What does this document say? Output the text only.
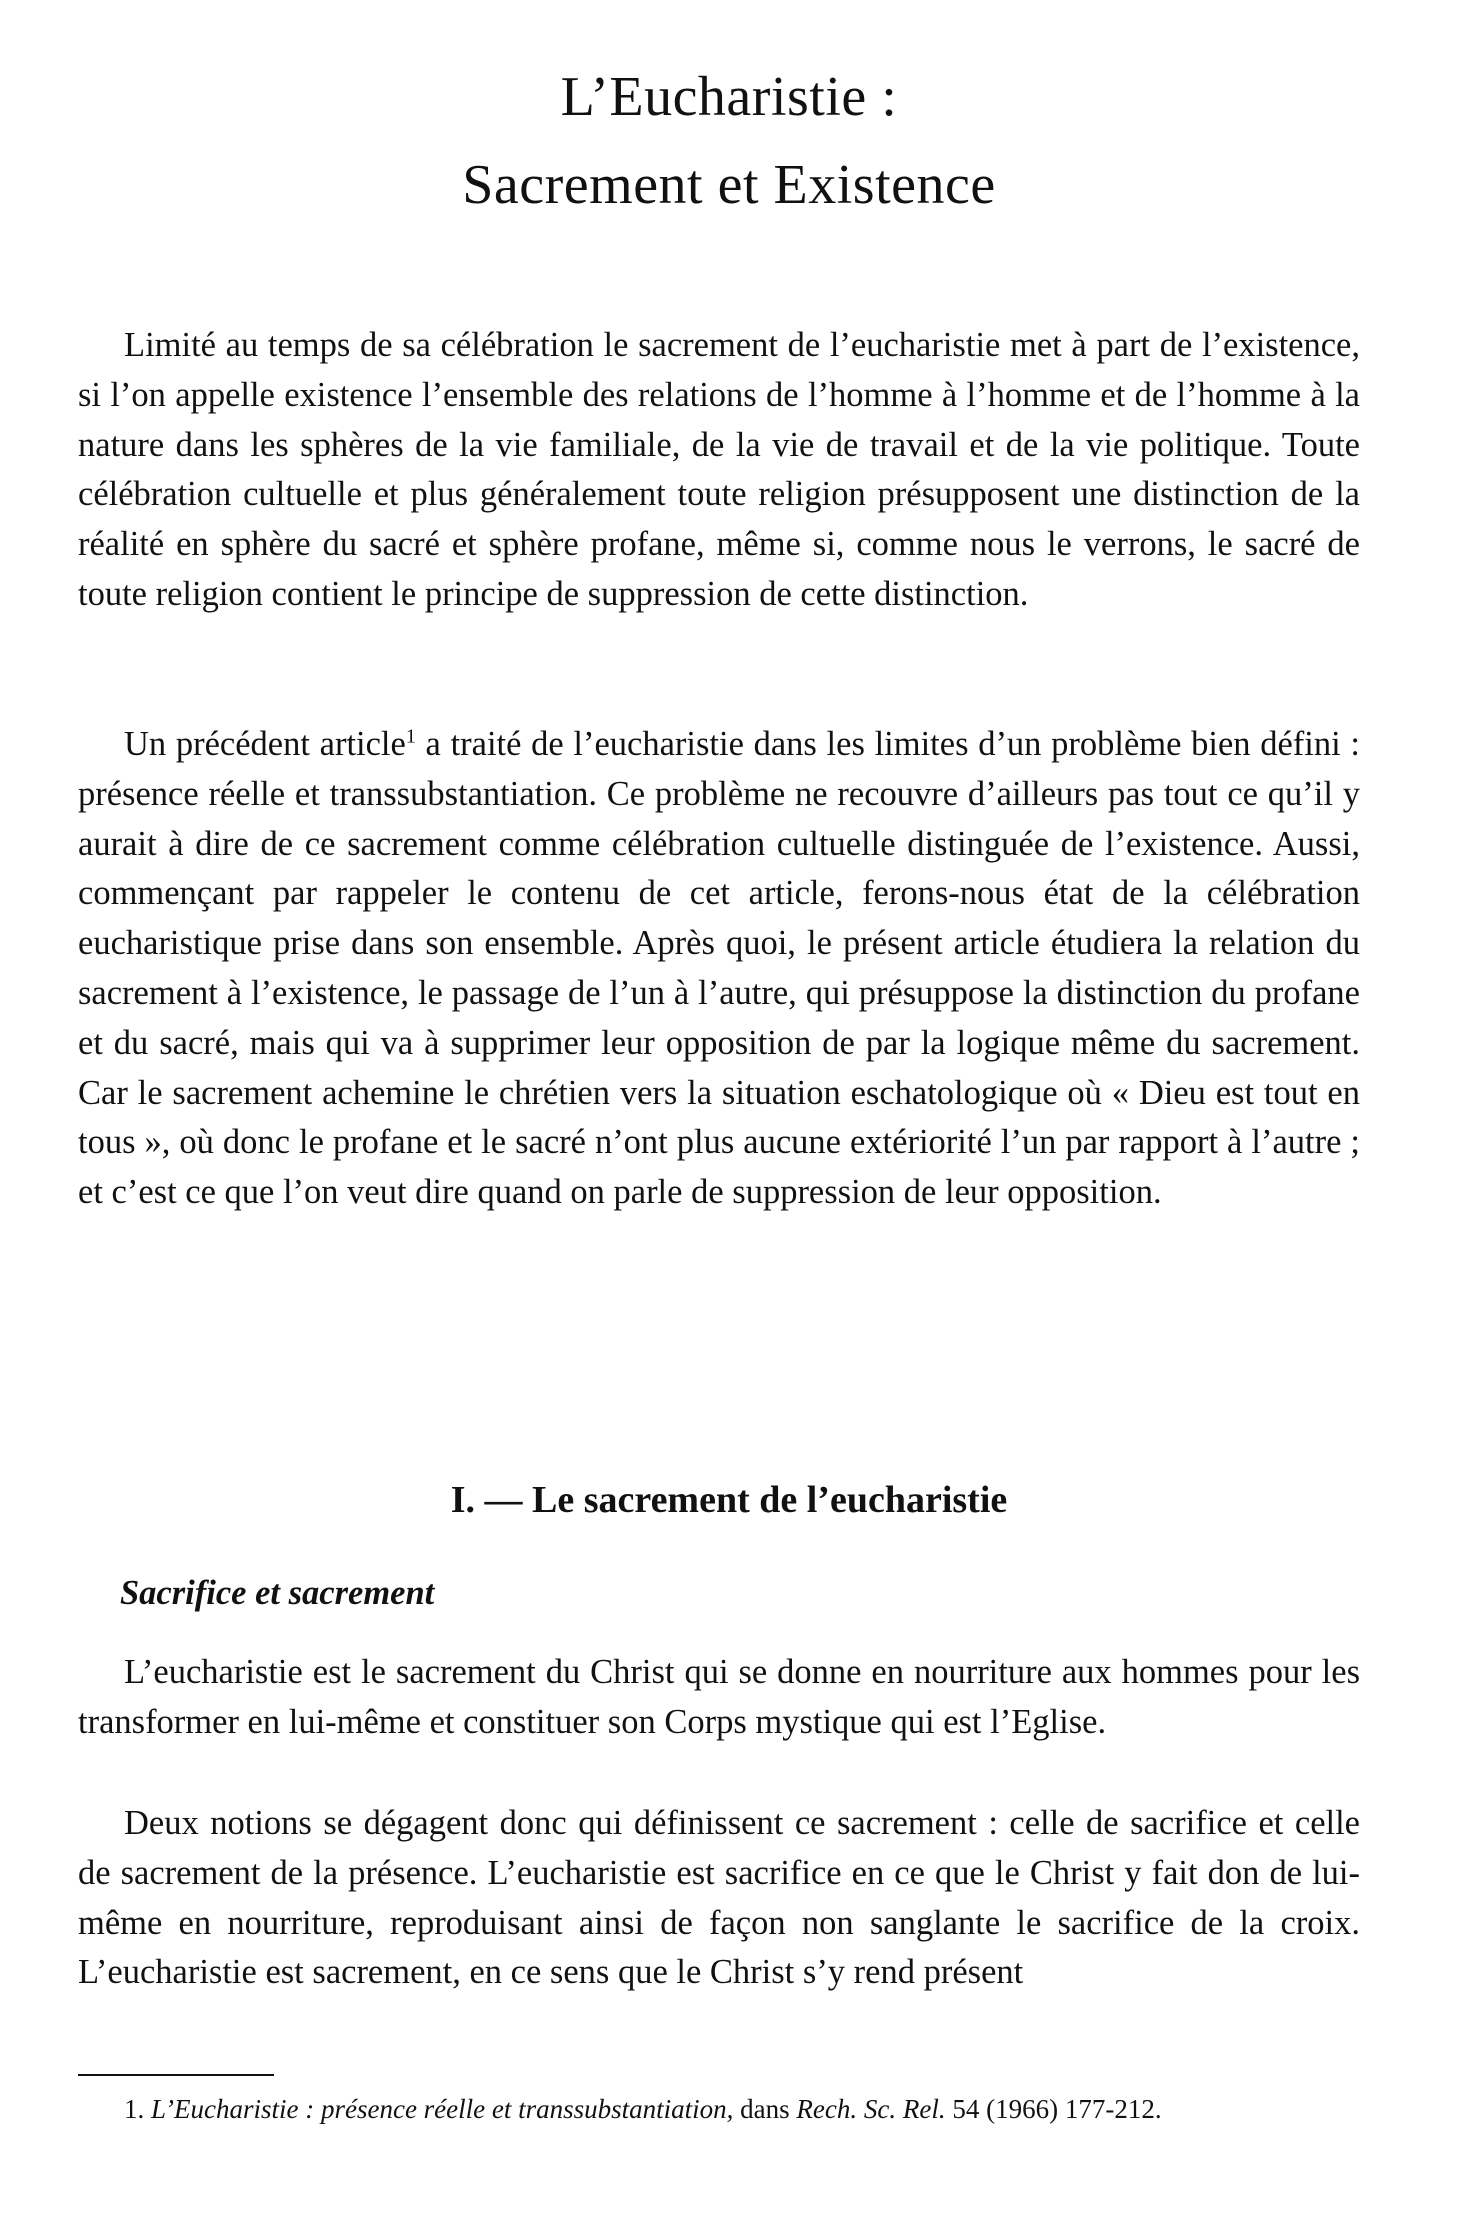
L’Eucharistie :
Sacrement et Existence

Limité au temps de sa célébration le sacrement de l’eucharistie met à part de l’existence, si l’on appelle existence l’ensemble des relations de l’homme à l’homme et de l’homme à la nature dans les sphères de la vie familiale, de la vie de travail et de la vie politique. Toute célébration cultuelle et plus généralement toute religion présupposent une distinction de la réalité en sphère du sacré et sphère profane, même si, comme nous le verrons, le sacré de toute religion contient le principe de suppression de cette distinction.

Un précédent article$^1$ a traité de l’eucharistie dans les limites d’un problème bien défini : présence réelle et transsubstantiation. Ce problème ne recouvre d’ailleurs pas tout ce qu’il y aurait à dire de ce sacrement comme célébration cultuelle distinguée de l’existence. Aussi, commençant par rappeler le contenu de cet article, ferons-nous état de la célébration eucharistique prise dans son ensemble. Après quoi, le présent article étudiera la relation du sacrement à l’existence, le passage de l’un à l’autre, qui présuppose la distinction du profane et du sacré, mais qui va à supprimer leur opposition de par la logique même du sacrement. Car le sacrement achemine le chrétien vers la situation eschatologique où « Dieu est tout en tous », où donc le profane et le sacré n’ont plus aucune extériorité l’un par rapport à l’autre ; et c’est ce que l’on veut dire quand on parle de suppression de leur opposition.

I. — Le sacrement de l’eucharistie
Sacrifice et sacrement

L’eucharistie est le sacrement du Christ qui se donne en nourriture aux hommes pour les transformer en lui-même et constituer son Corps mystique qui est l’Eglise.

Deux notions se dégagent donc qui définissent ce sacrement : celle de sacrifice et celle de sacrement de la présence. L’eucharistie est sacrifice en ce que le Christ y fait don de lui-même en nourriture, reproduisant ainsi de façon non sanglante le sacrifice de la croix. L’eucharistie est sacrement, en ce sens que le Christ s’y rend présent

1. L’Eucharistie : présence réelle et transsubstantiation, dans Rech. Sc. Rel. 54 (1966) 177-212.
